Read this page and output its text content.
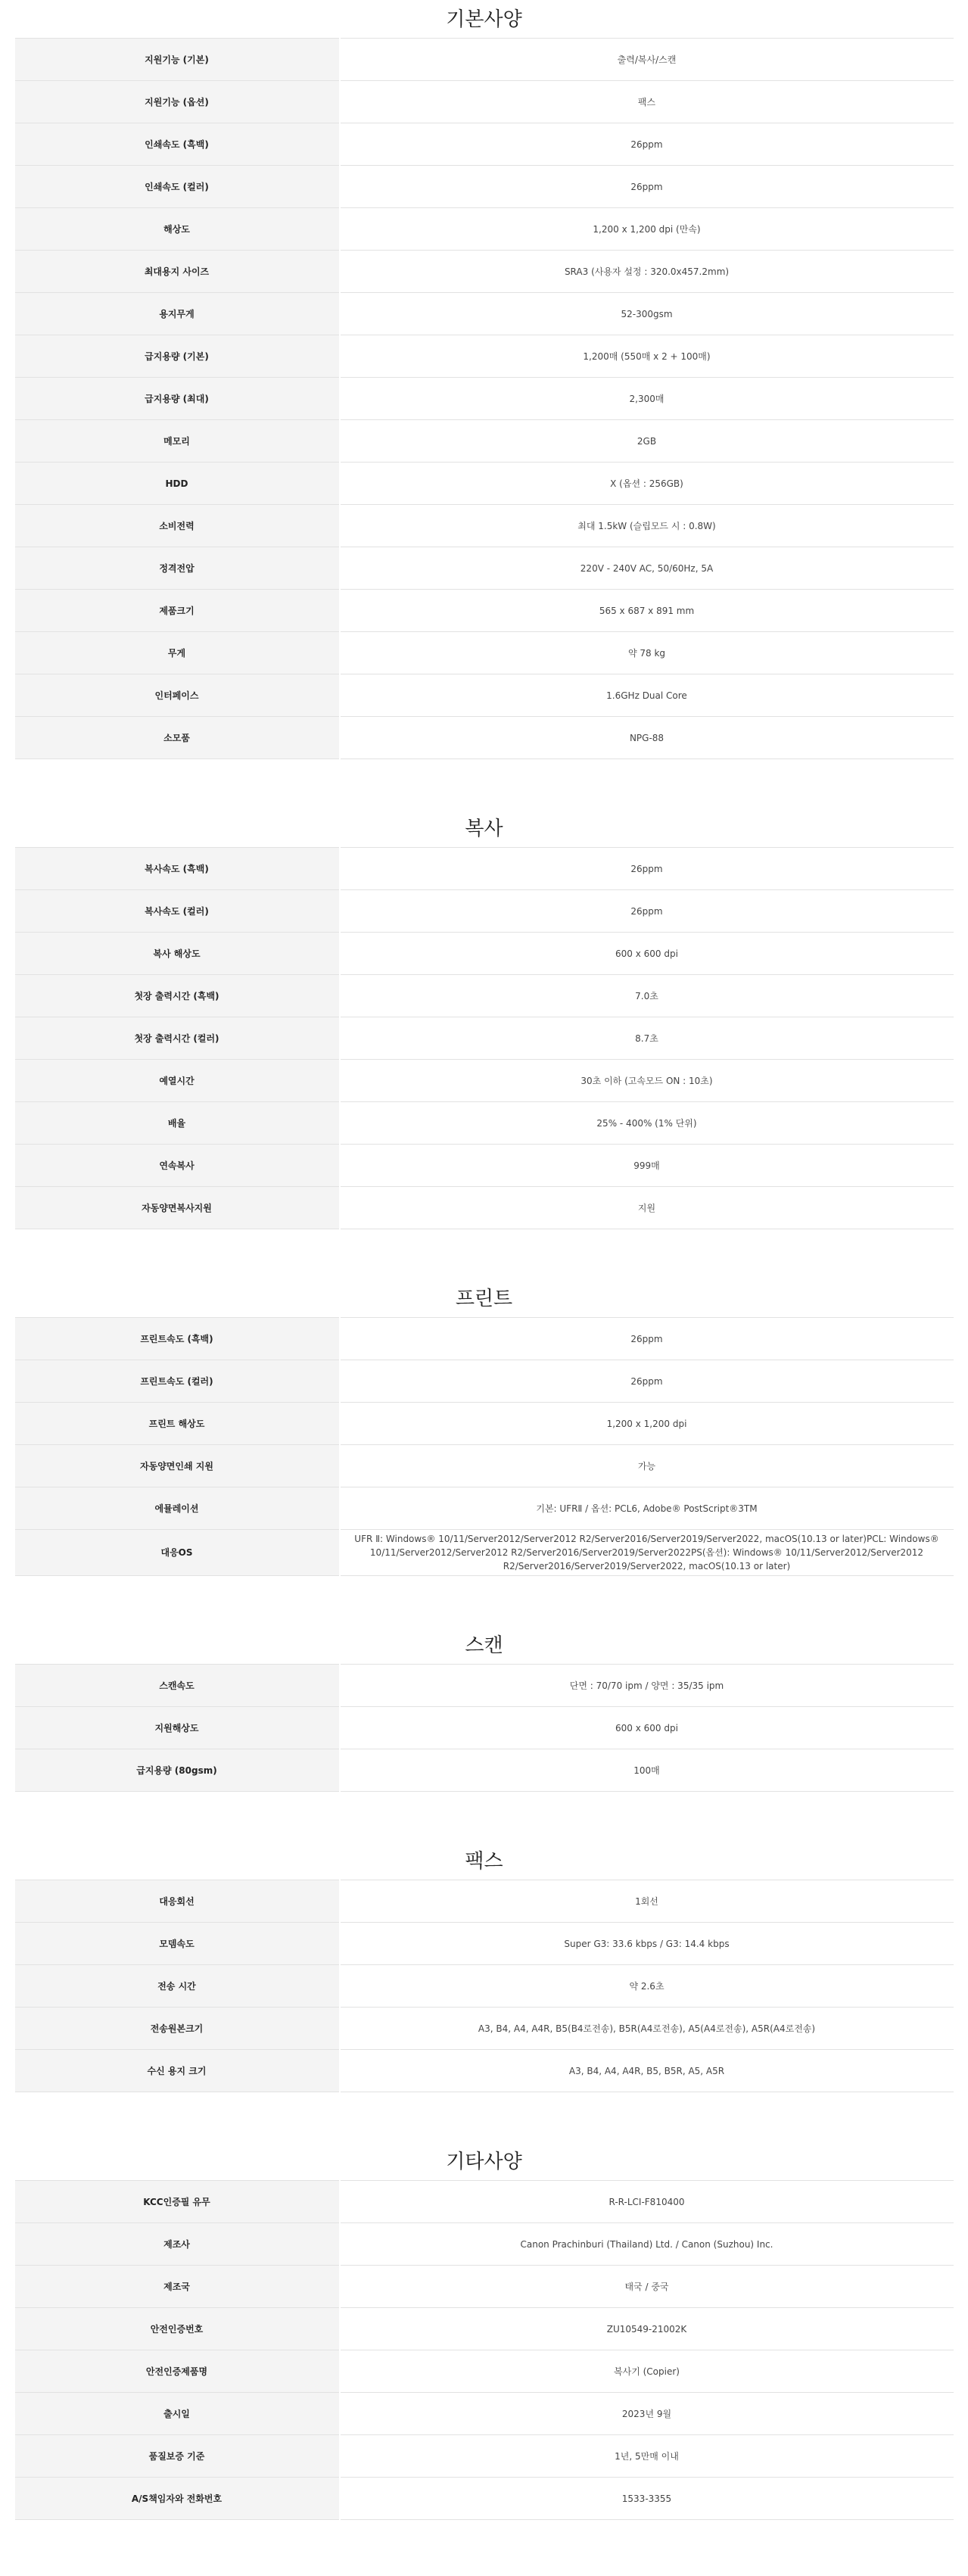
기본사양
지원기능 (기본)	출력/복사/스캔
지원기능 (옵션)	팩스
인쇄속도 (흑백)	26ppm
인쇄속도 (컬러)	26ppm
해상도	1,200 x 1,200 dpi (만속)
최대용지 사이즈	SRA3 (사용자 설정 : 320.0x457.2mm)
용지무게	52-300gsm
급지용량 (기본)	1,200매 (550매 x 2 + 100매)
급지용량 (최대)	2,300매
메모리	2GB
HDD	X (옵션 : 256GB)
소비전력	최대 1.5kW (슬립모드 시 : 0.8W)
정격전압	220V - 240V AC, 50/60Hz, 5A
제품크기	565 x 687 x 891 mm
무게	약 78 kg
인터페이스	1.6GHz Dual Core
소모품	NPG-88
복사
복사속도 (흑백)	26ppm
복사속도 (컬러)	26ppm
복사 해상도	600 x 600 dpi
첫장 출력시간 (흑백)	7.0초
첫장 출력시간 (컬러)	8.7초
예열시간	30초 이하 (고속모드 ON : 10초)
배율	25% - 400% (1% 단위)
연속복사	999매
자동양면복사지원	지원
프린트
프린트속도 (흑백)	26ppm
프린트속도 (컬러)	26ppm
프린트 해상도	1,200 x 1,200 dpi
자동양면인쇄 지원	가능
에뮬레이션	기본: UFRⅡ / 옵션: PCL6, Adobe® PostScript®3TM
대응OS	UFR Ⅱ: Windows® 10/11/Server2012/Server2012 R2/Server2016/Server2019/Server2022, macOS(10.13 or later)PCL: Windows® 10/11/Server2012/Server2012 R2/Server2016/Server2019/Server2022PS(옵션): Windows® 10/11/Server2012/Server2012 R2/Server2016/Server2019/Server2022, macOS(10.13 or later)
스캔
스캔속도	단면 : 70/70 ipm / 양면 : 35/35 ipm
지원해상도	600 x 600 dpi
급지용량 (80gsm)	100매
팩스
대응회선	1회선
모뎀속도	Super G3: 33.6 kbps / G3: 14.4 kbps
전송 시간	약 2.6초
전송원본크기	A3, B4, A4, A4R, B5(B4로전송), B5R(A4로전송), A5(A4로전송), A5R(A4로전송)
수신 용지 크기	A3, B4, A4, A4R, B5, B5R, A5, A5R
기타사양
KCC인증필 유무	R-R-LCI-F810400
제조사	Canon Prachinburi (Thailand) Ltd. / Canon (Suzhou) Inc.
제조국	태국 / 중국
안전인증번호	ZU10549-21002K
안전인증제품명	복사기 (Copier)
출시일	2023년 9월
품질보증 기준	1년, 5만매 이내
A/S책임자와 전화번호	1533-3355
